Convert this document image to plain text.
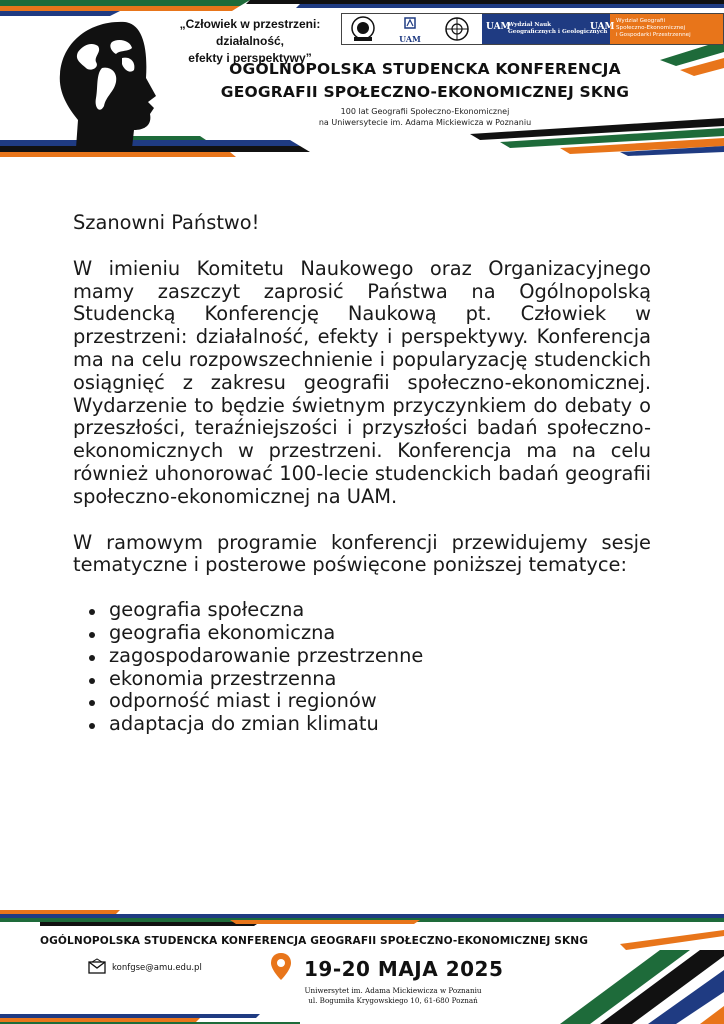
„Człowiek w przestrzeni: działalność,
efekty i perspektywy”
UAM
UAM
Wydział Nauk
Geograficznych i Geologicznych
UAM
Wydział Geografii
Społeczno-Ekonomicznej
i Gospodarki Przestrzennej
OGÓLNOPOLSKA STUDENCKA KONFERENCJA
GEOGRAFII SPOŁECZNO-EKONOMICZNEJ SKNG
100 lat Geografii Społeczno-Ekonomicznej
na Uniwersytecie im. Adama Mickiewicza w Poznaniu

Szanowni Państwo!

W imieniu Komitetu Naukowego oraz Organizacyjnego mamy zaszczyt zaprosić Państwa na Ogólnopolską Studencką Konferencję Naukową pt. Człowiek w przestrzeni: działalność, efekty i perspektywy. Konferencja ma na celu rozpowszechnienie i popularyzację studenckich osiągnięć z zakresu geografii społeczno-ekonomicznej. Wydarzenie to będzie świetnym przyczynkiem do debaty o przeszłości, teraźniejszości i przyszłości badań społeczno-ekonomicznych w przestrzeni. Konferencja ma na celu również uhonorować 100-lecie studenckich badań geografii społeczno-ekonomicznej na UAM.

W ramowym programie konferencji przewidujemy sesje tematyczne i posterowe poświęcone poniższej tematyce:

geografia społeczna
geografia ekonomiczna
zagospodarowanie przestrzenne
ekonomia przestrzenna
odporność miast i regionów
adaptacja do zmian klimatu
OGÓLNOPOLSKA STUDENCKA KONFERENCJA GEOGRAFII SPOŁECZNO-EKONOMICZNEJ SKNG
konfgse@amu.edu.pl	19-20 MAJA 2025
Uniwersytet im. Adama Mickiewicza w Poznaniu
ul. Bogumiła Krygowskiego 10, 61-680 Poznań
